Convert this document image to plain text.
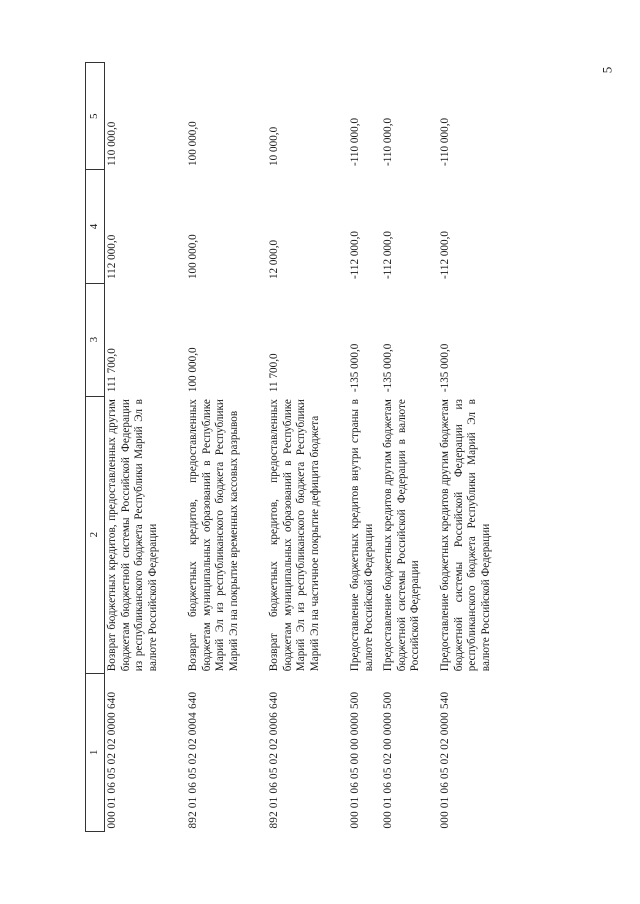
5
1	2	3	4	5
000 01 06 05 02 02 0000 640	Возврат бюджетных кредитов, предоставленных другим бюджетам бюджетной системы Российской Федерации из республиканского бюджета Республики Марий Эл в валюте Российской Федерации	111 700,0	112 000,0	110 000,0
892 01 06 05 02 02 0004 640	Возврат бюджетных кредитов, предоставленных бюджетам муниципальных образований в Республике Марий Эл из республиканского бюджета Республики Марий Эл на покрытие временных кассовых разрывов	100 000,0	100 000,0	100 000,0
892 01 06 05 02 02 0006 640	Возврат бюджетных кредитов, предоставленных бюджетам муниципальных образований в Республике Марий Эл из республиканского бюджета Республики Марий Эл на частичное покрытие дефицита бюджета	11 700,0	12 000,0	10 000,0
000 01 06 05 00 00 0000 500	Предоставление бюджетных кредитов внутри страны в валюте Российской Федерации	-135 000,0	-112 000,0	-110 000,0
000 01 06 05 02 00 0000 500	Предоставление бюджетных кредитов другим бюджетам бюджетной системы Российской Федерации в валюте Российской Федерации	-135 000,0	-112 000,0	-110 000,0
000 01 06 05 02 02 0000 540	Предоставление бюджетных кредитов другим бюджетам бюджетной системы Российской Федерации из республиканского бюджета Республики Марий Эл в валюте Российской Федерации	-135 000,0	-112 000,0	-110 000,0
